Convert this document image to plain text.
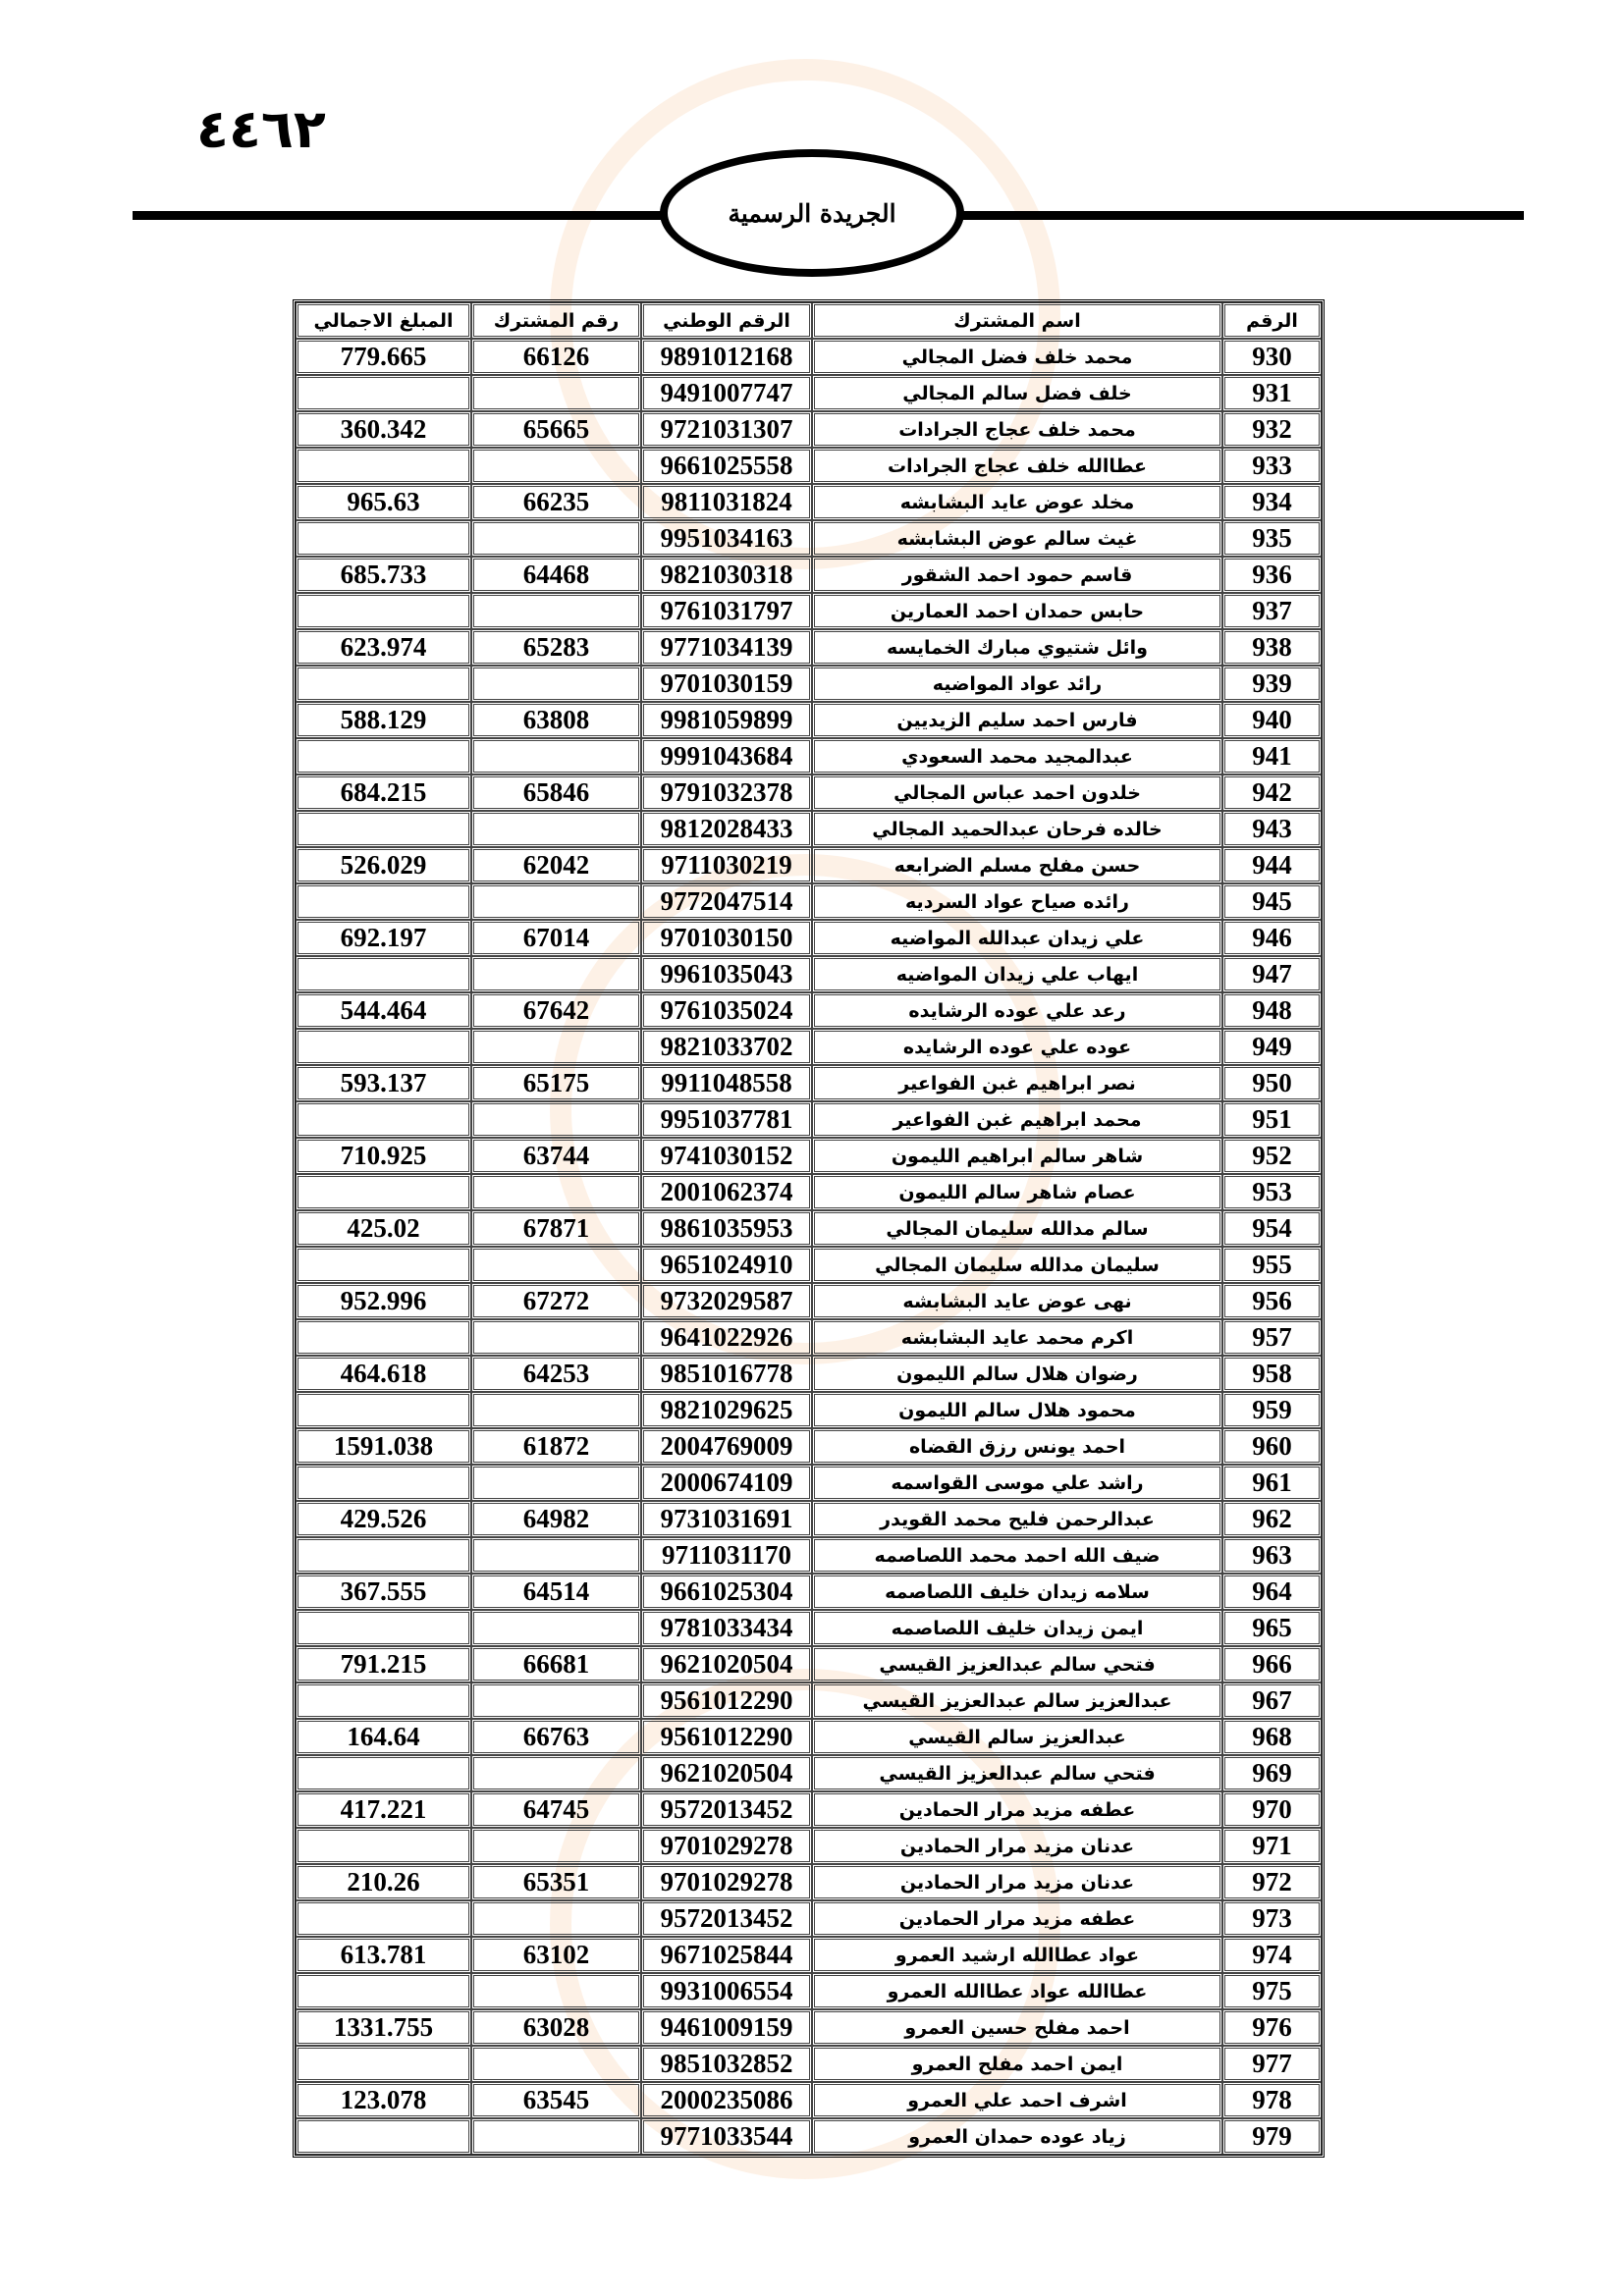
٤٤٦٢
الجريدة الرسمية
الرقم	اسم المشترك	الرقم الوطني	رقم المشترك	المبلغ الاجمالي
930	محمد خلف فضل المجالي	9891012168	66126	779.665
931	خلف فضل سالم المجالي	9491007747		
932	محمد خلف عجاج الجرادات	9721031307	65665	360.342
933	عطاالله خلف عجاج الجرادات	9661025558		
934	مخلد عوض عايد البشابشه	9811031824	66235	965.63
935	غيث سالم عوض البشابشه	9951034163		
936	قاسم حمود احمد الشقور	9821030318	64468	685.733
937	حابس حمدان احمد العمارين	9761031797		
938	وائل شتيوي مبارك الخمايسه	9771034139	65283	623.974
939	رائد عواد المواضيه	9701030159		
940	فارس احمد سليم الزيديين	9981059899	63808	588.129
941	عبدالمجيد محمد السعودي	9991043684		
942	خلدون احمد عباس المجالي	9791032378	65846	684.215
943	خالده فرحان عبدالحميد المجالي	9812028433		
944	حسن مفلح مسلم الضرابعه	9711030219	62042	526.029
945	رائده صياح عواد السرديه	9772047514		
946	علي زيدان عبدالله المواضيه	9701030150	67014	692.197
947	ايهاب علي زيدان المواضيه	9961035043		
948	رعد علي عوده الرشايده	9761035024	67642	544.464
949	عوده علي عوده الرشايده	9821033702		
950	نصر ابراهيم غبن الفواعير	9911048558	65175	593.137
951	محمد ابراهيم غبن الفواعير	9951037781		
952	شاهر سالم ابراهيم الليمون	9741030152	63744	710.925
953	عصام شاهر سالم الليمون	2001062374		
954	سالم مدالله سليمان المجالي	9861035953	67871	425.02
955	سليمان مدالله سليمان المجالي	9651024910		
956	نهى عوض عايد البشابشه	9732029587	67272	952.996
957	اكرم محمد عايد البشابشه	9641022926		
958	رضوان هلال سالم الليمون	9851016778	64253	464.618
959	محمود هلال سالم الليمون	9821029625		
960	احمد يونس رزق القضاه	2004769009	61872	1591.038
961	راشد علي موسى القواسمه	2000674109		
962	عبدالرحمن فليح محمد القويدر	9731031691	64982	429.526
963	ضيف الله احمد محمد اللصاصمه	9711031170		
964	سلامه زيدان خليف اللصاصمه	9661025304	64514	367.555
965	ايمن زيدان خليف اللصاصمه	9781033434		
966	فتحي سالم عبدالعزيز القيسي	9621020504	66681	791.215
967	عبدالعزيز سالم عبدالعزيز القيسي	9561012290		
968	عبدالعزيز سالم القيسي	9561012290	66763	164.64
969	فتحي سالم عبدالعزيز القيسي	9621020504		
970	عطفه مزيد مرار الحمادين	9572013452	64745	417.221
971	عدنان مزيد مرار الحمادين	9701029278		
972	عدنان مزيد مرار الحمادين	9701029278	65351	210.26
973	عطفه مزيد مرار الحمادين	9572013452		
974	عواد عطاالله ارشيد العمرو	9671025844	63102	613.781
975	عطاالله عواد عطاالله العمرو	9931006554		
976	احمد مفلح حسين العمرو	9461009159	63028	1331.755
977	ايمن احمد مفلح العمرو	9851032852		
978	اشرف احمد علي العمرو	2000235086	63545	123.078
979	زياد عوده حمدان العمرو	9771033544		
